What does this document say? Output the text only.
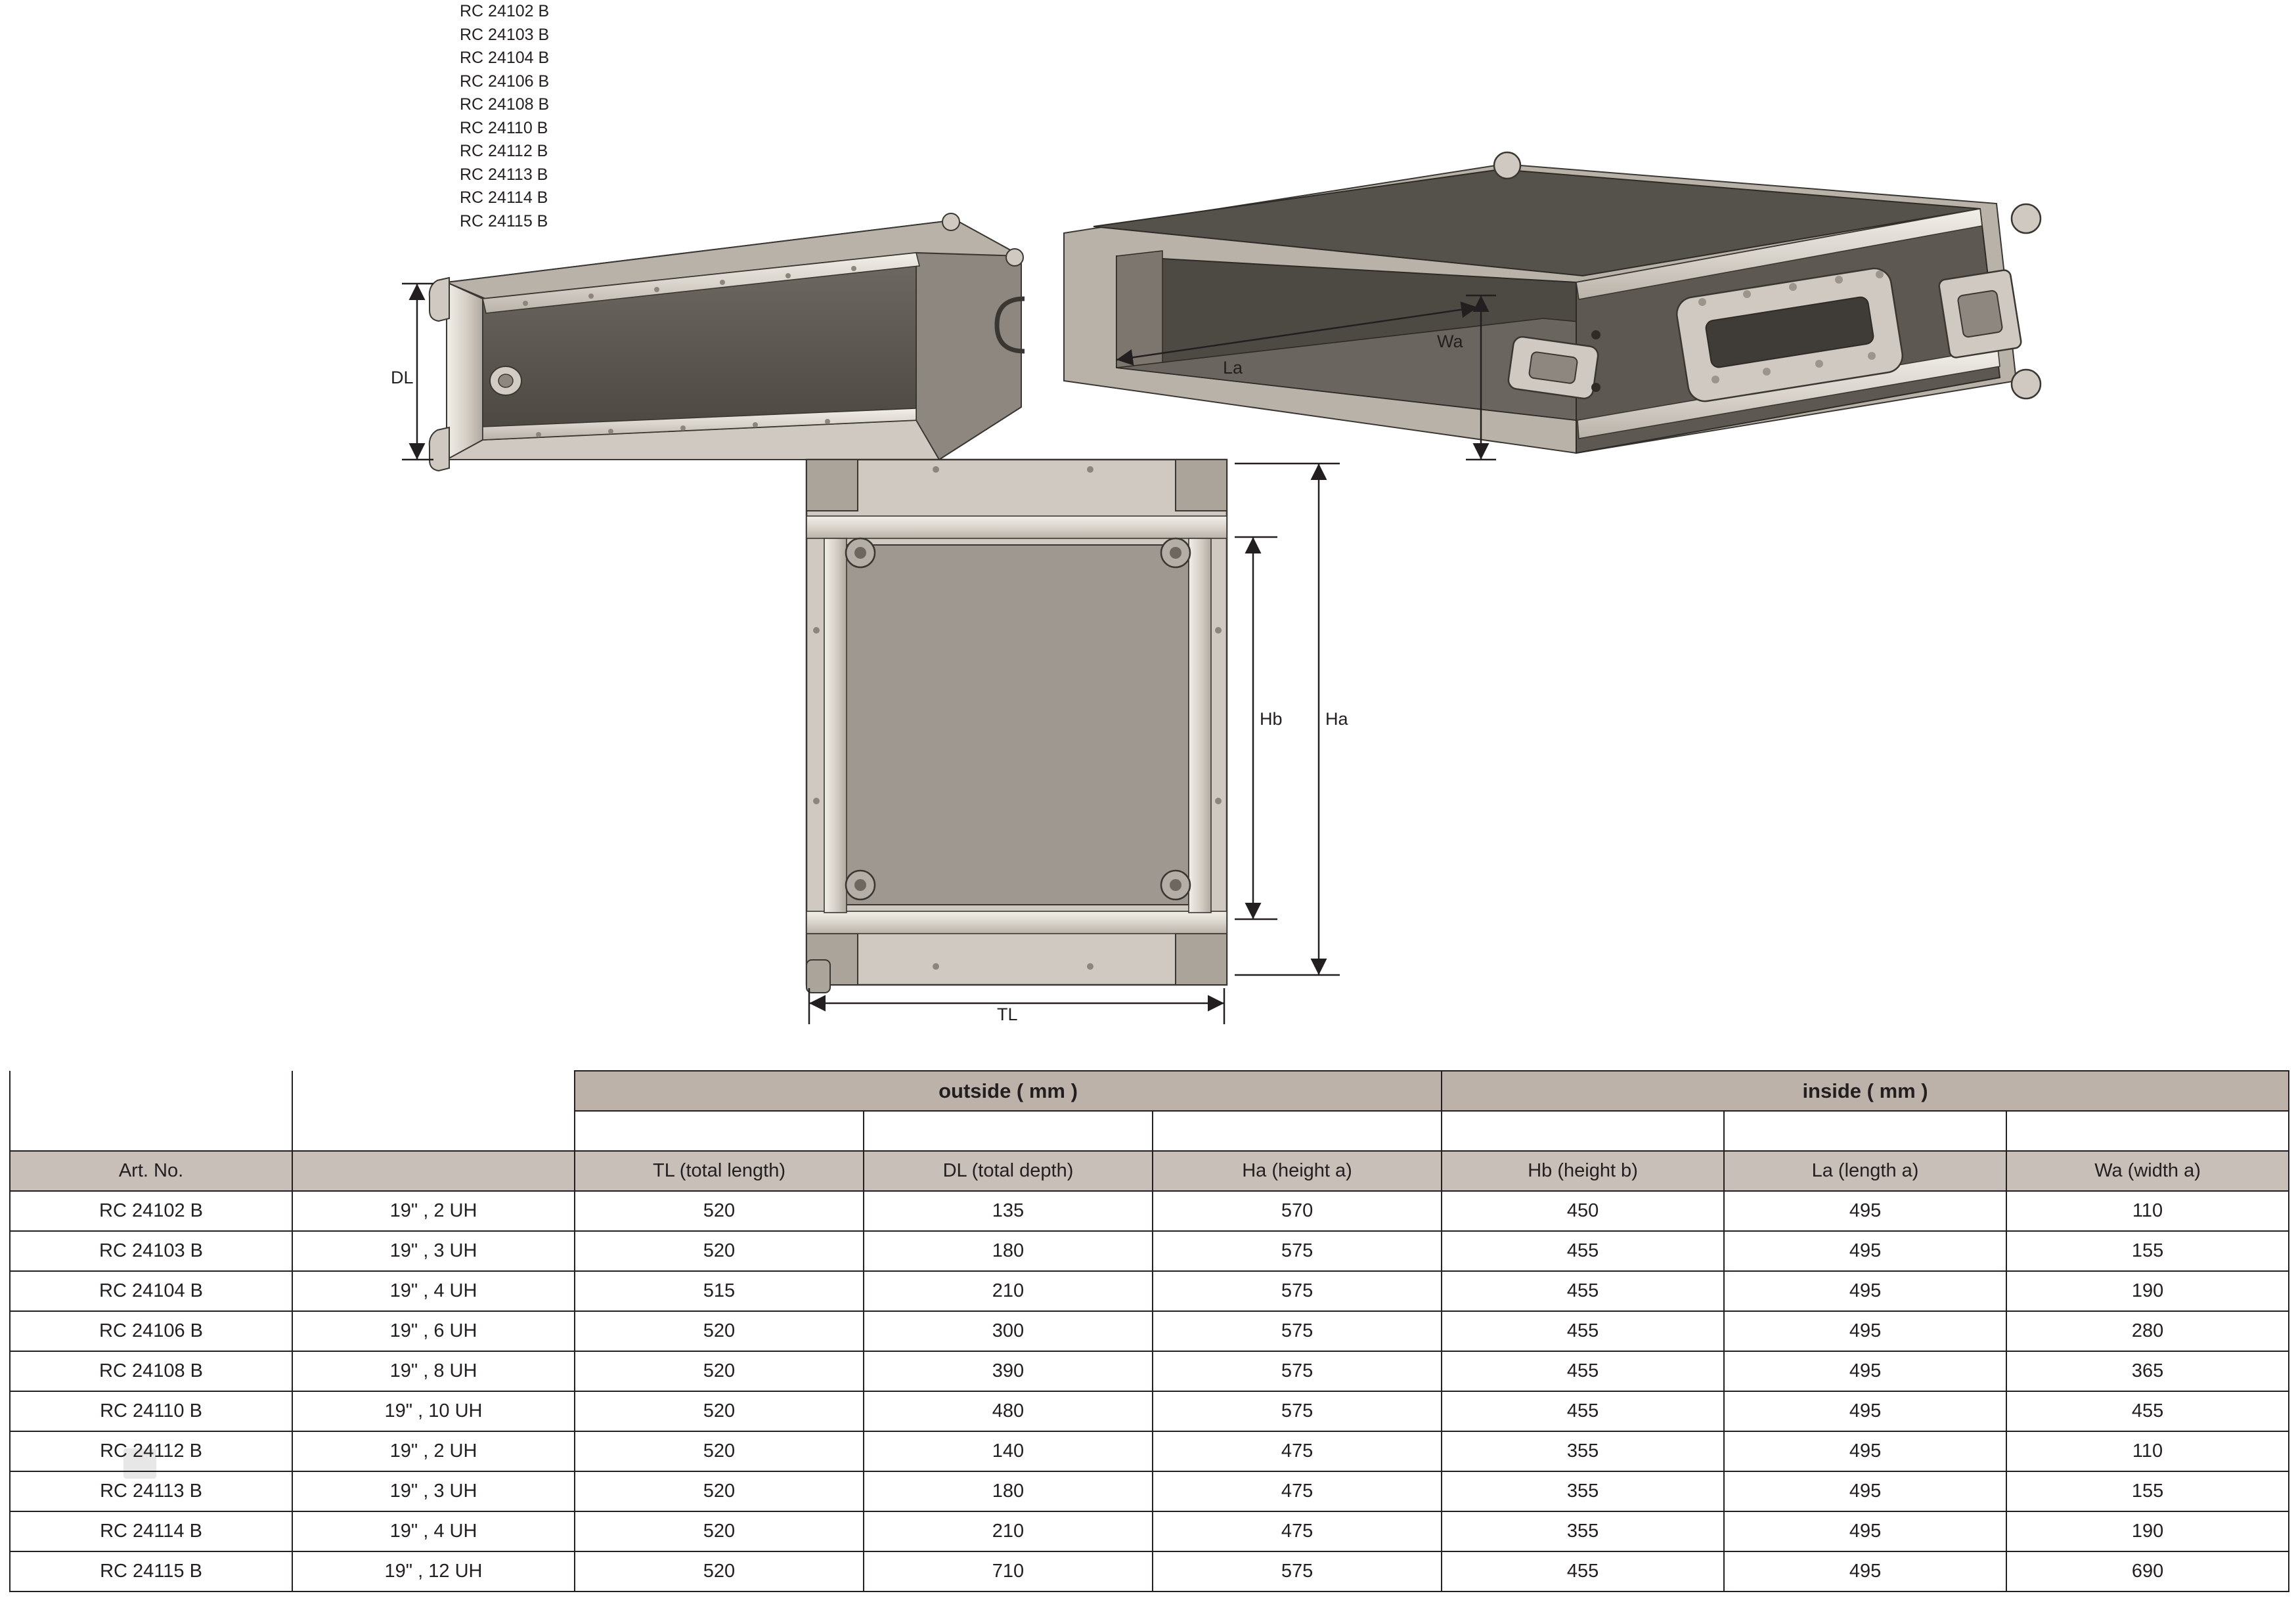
RC 24102 B
RC 24103 B
RC 24104 B
RC 24106 B
RC 24108 B
RC 24110 B
RC 24112 B
RC 24113 B
RC 24114 B
RC 24115 B
DL
Wa
La
Hb Ha
TL
		outside ( mm )			inside ( mm )		

Art. No.		TL (total length)	DL (total depth)	Ha (height a)	Hb (height b)	La (length a)	Wa (width a)
RC 24102 B	19" , 2 UH	520	135	570	450	495	110
RC 24103 B	19" , 3 UH	520	180	575	455	495	155
RC 24104 B	19" , 4 UH	515	210	575	455	495	190
RC 24106 B	19" , 6 UH	520	300	575	455	495	280
RC 24108 B	19" , 8 UH	520	390	575	455	495	365
RC 24110 B	19" , 10 UH	520	480	575	455	495	455
RC 24112 B	19" , 2 UH	520	140	475	355	495	110
RC 24113 B	19" , 3 UH	520	180	475	355	495	155
RC 24114 B	19" , 4 UH	520	210	475	355	495	190
RC 24115 B	19" , 12 UH	520	710	575	455	495	690
